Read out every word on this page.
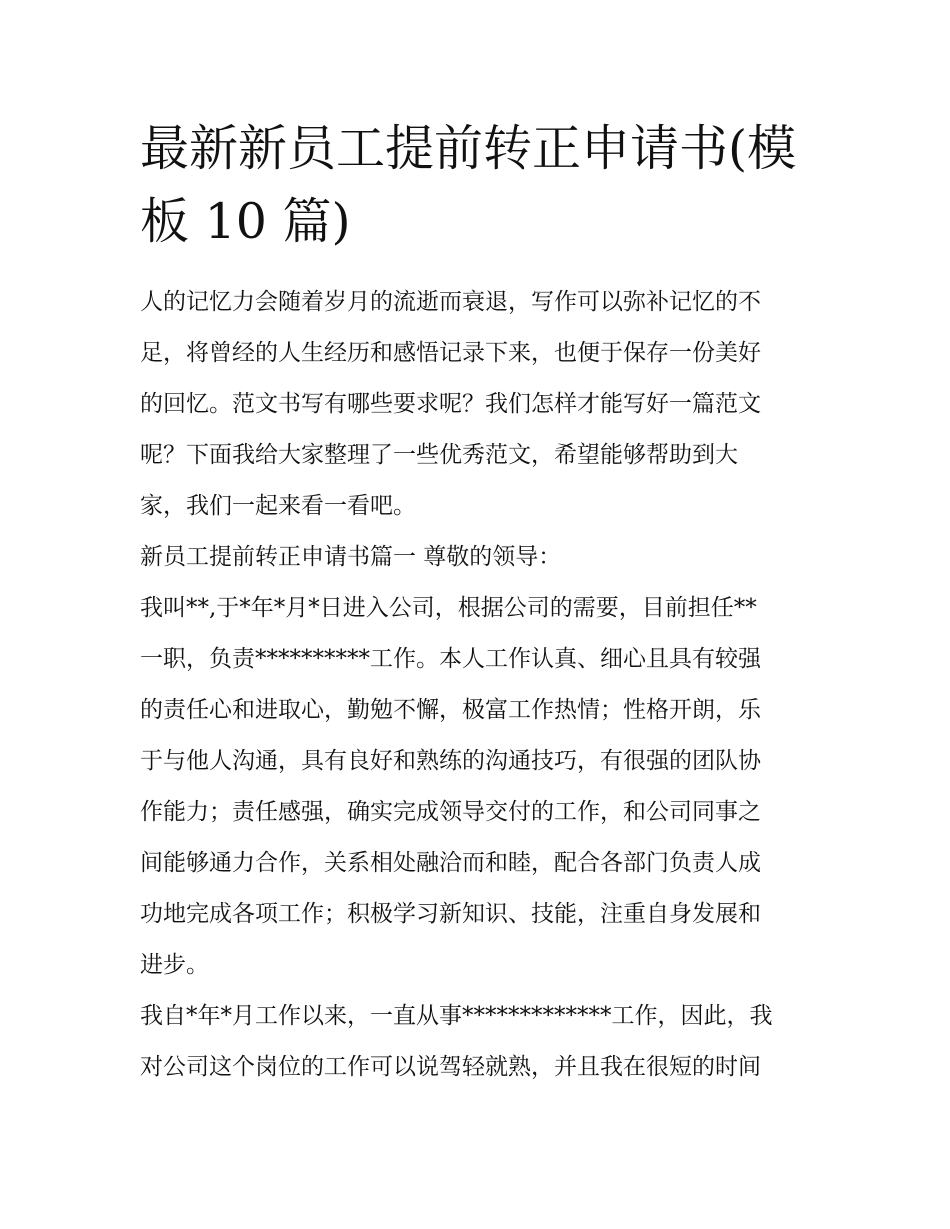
最新新员工提前转正申请书(模
板 10 篇)

人的记忆力会随着岁月的流逝而衰退，写作可以弥补记忆的不
足，将曾经的人生经历和感悟记录下来，也便于保存一份美好
的回忆。范文书写有哪些要求呢？我们怎样才能写好一篇范文
呢？下面我给大家整理了一些优秀范文，希望能够帮助到大
家，我们一起来看一看吧。

新员工提前转正申请书篇一 尊敬的领导：

我叫**,于*年*月*日进入公司，根据公司的需要，目前担任**
一职，负责**********工作。本人工作认真、细心且具有较强
的责任心和进取心，勤勉不懈，极富工作热情；性格开朗，乐
于与他人沟通，具有良好和熟练的沟通技巧，有很强的团队协
作能力；责任感强，确实完成领导交付的工作，和公司同事之
间能够通力合作，关系相处融洽而和睦，配合各部门负责人成
功地完成各项工作；积极学习新知识、技能，注重自身发展和
进步。

我自*年*月工作以来，一直从事*************工作，因此，我
对公司这个岗位的工作可以说驾轻就熟，并且我在很短的时间
